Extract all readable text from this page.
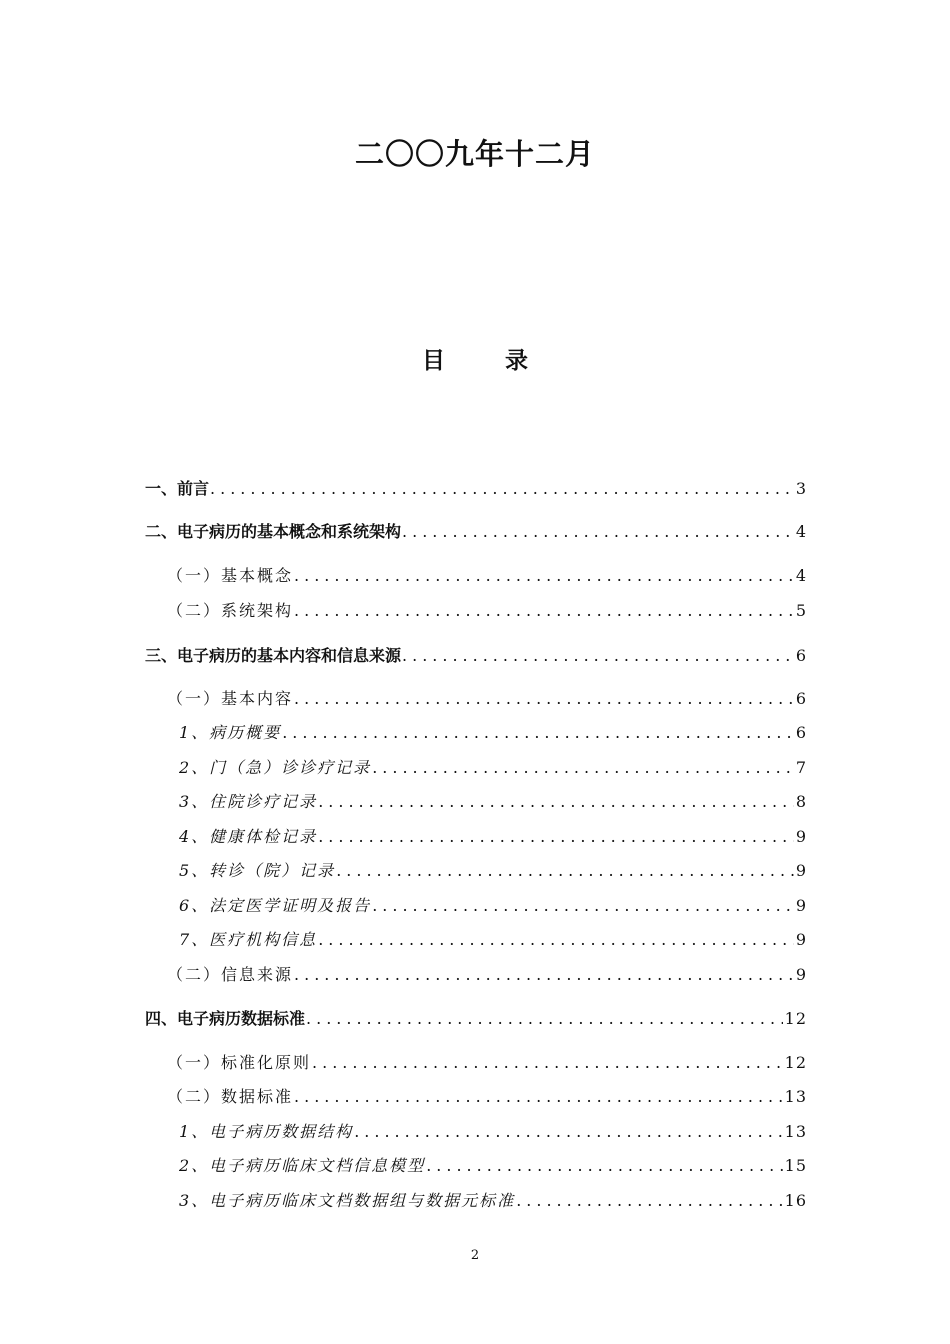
二〇〇九年十二月
目 录
一、前言 .....	3
二、电子病历的基本概念和系统架构 .....	4
（一）基本概念 .....	4
（二）系统架构 .....	5
三、电子病历的基本内容和信息来源 .....	6
（一）基本内容 .....	6
1、病历概要 .....	6
2、门（急）诊诊疗记录 .....	7
3、住院诊疗记录 .....	8
4、健康体检记录 .....	9
5、转诊（院）记录 .....	9
6、法定医学证明及报告 .....	9
7、医疗机构信息 .....	9
（二）信息来源 .....	9
四、电子病历数据标准 .....	12
（一）标准化原则 .....	12
（二）数据标准 .....	13
1、电子病历数据结构 .....	13
2、电子病历临床文档信息模型 .....	15
3、电子病历临床文档数据组与数据元标准 .....	16
2
